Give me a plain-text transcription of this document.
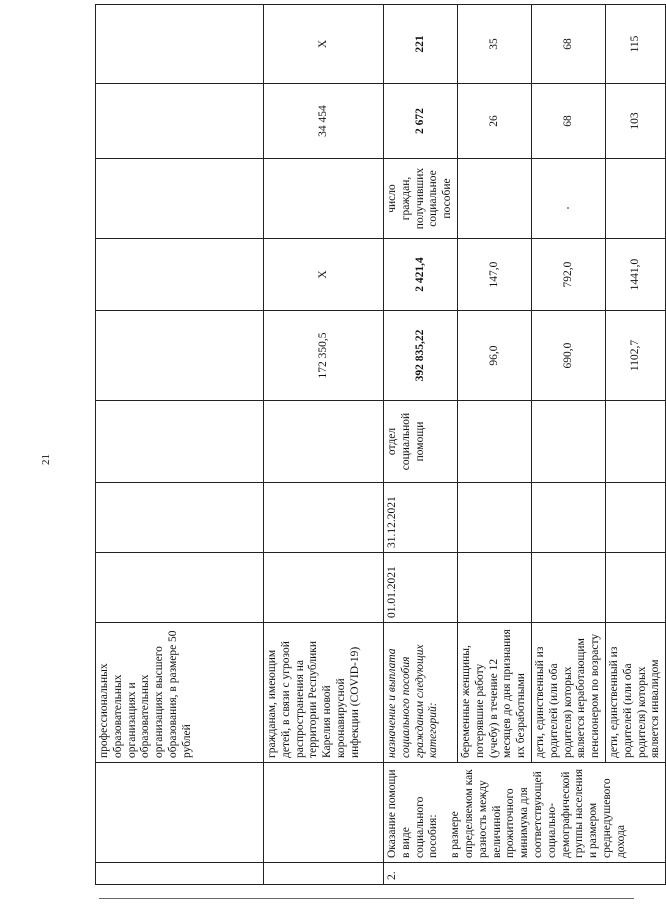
		профессиональных образовательных организациях и образовательных организациях высшего образования, в размере 50 рублей								
		гражданам, имеющим детей, в связи с угрозой распространения на территории Республики Карелия новой коронавирусной инфекции (COVID-19)				172 350,5	X		34 454	X
2.	Оказание помощи в виде социального пособия: в размере определяемом как разность между величиной прожиточного минимума для соответствующей социально-демографической группы населения и размером среднедушевого дохода	назначение и выплата социального пособия гражданам следующих категорий:	01.01.2021	31.12.2021	отдел социальной помощи	392 835,22	2 421,4	число граждан, получивших социальное пособие	2 672	221
		беременные женщины, потерявшие работу (учебу) в течение 12 месяцев до дня признания их безработными				96,0	147,0		26	35
		дети, единственный из родителей (или оба родителя) которых является неработающим пенсионером по возрасту				690,0	792,0		68	68
		дети, единственный из родителей (или оба родителя) которых является инвалидом				1102,7	1441,0		103	115
21
